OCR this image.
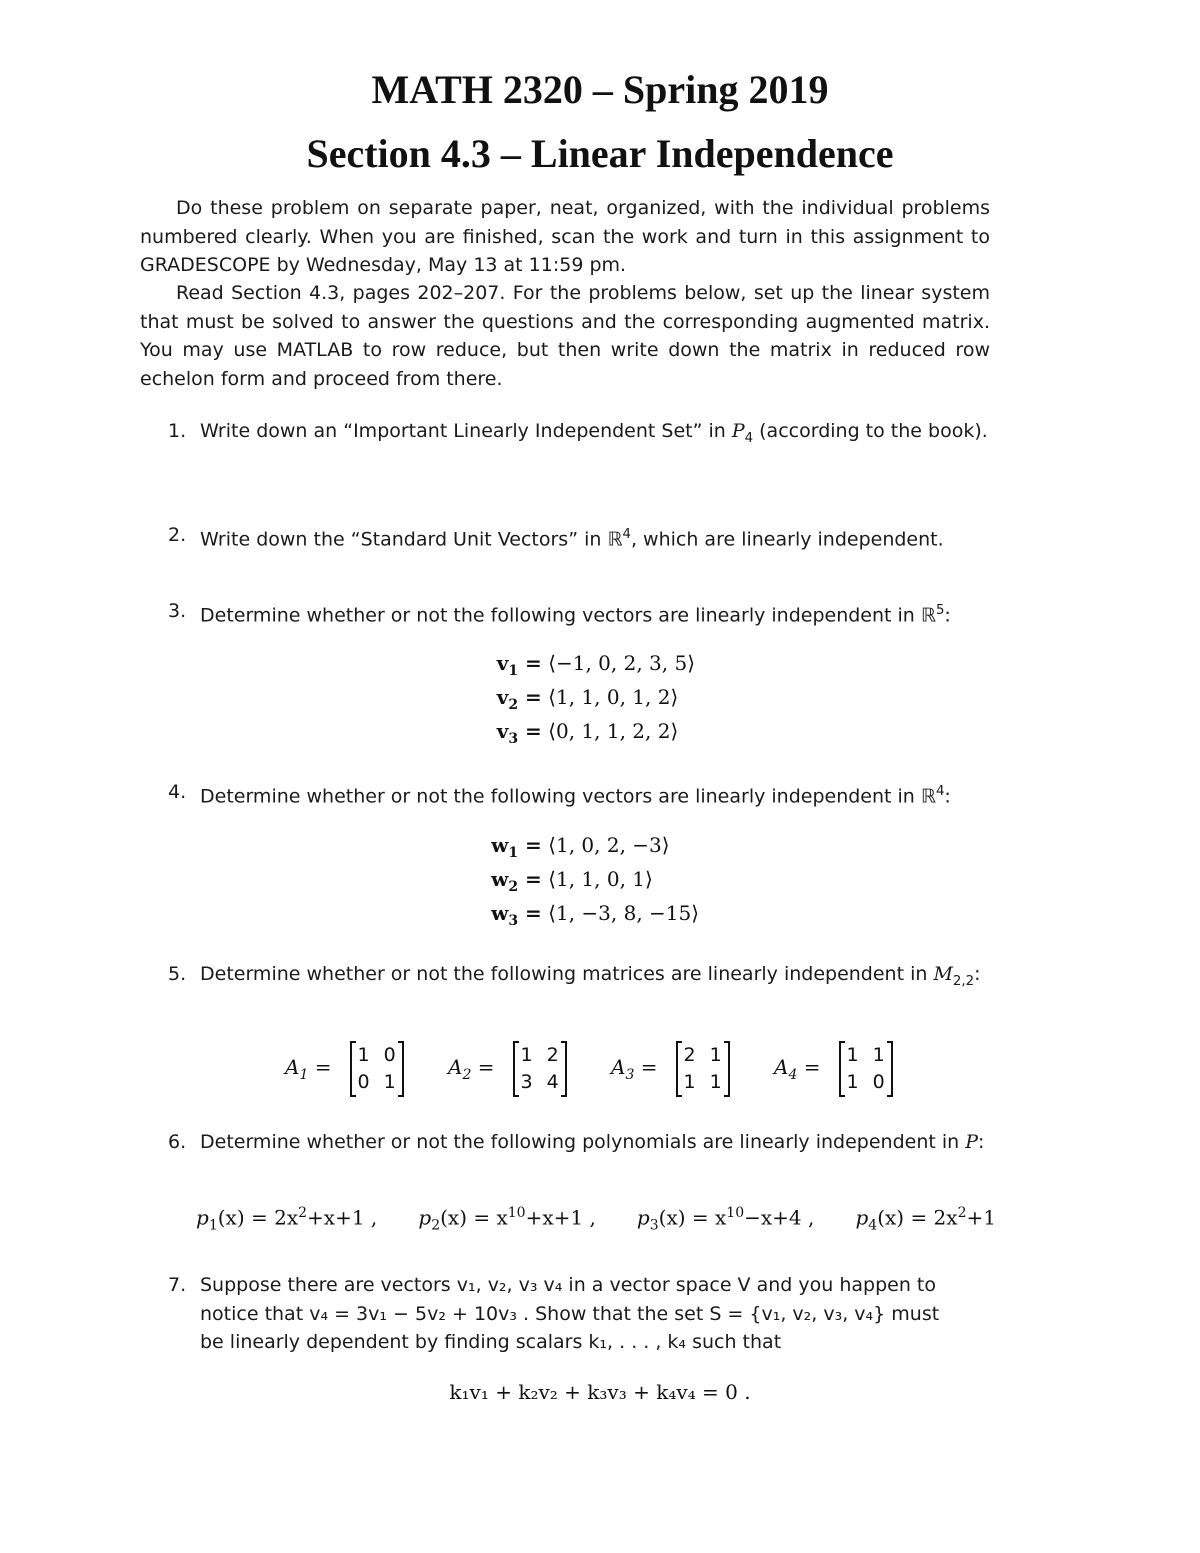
MATH 2320 – Spring 2019
Section 4.3 – Linear Independence

Do these problem on separate paper, neat, organized, with the individual problems numbered clearly. When you are finished, scan the work and turn in this assignment to GRADESCOPE by Wednesday, May 13 at 11:59 pm.

Read Section 4.3, pages 202–207. For the problems below, set up the linear system that must be solved to answer the questions and the corresponding augmented matrix. You may use MATLAB to row reduce, but then write down the matrix in reduced row echelon form and proceed from there.

1. Write down an “Important Linearly Independent Set” in $P_4$ (according to the book).
2. Write down the “Standard Unit Vectors” in ℝ$^4$, which are linearly independent.
3. Determine whether or not the following vectors are linearly independent in ℝ$^5$:
$v_1$ = ⟨−1, 0, 2, 3, 5⟩
$v_2$ = ⟨1, 1, 0, 1, 2⟩
$v_3$ = ⟨0, 1, 1, 2, 2⟩
4. Determine whether or not the following vectors are linearly independent in ℝ$^4$:
$w_1$ = ⟨1, 0, 2, −3⟩
$w_2$ = ⟨1, 1, 0, 1⟩
$w_3$ = ⟨1, −3, 8, −15⟩
5. Determine whether or not the following matrices are linearly independent in $M_{2,2}$:
$A_1 = 1$ 0
0 1
$A_2 = 1$ 2
3 4
$A_3 = 2$ 1
1 1
$A_4 = 1$ 1
1 0
6. Determine whether or not the following polynomials are linearly independent in P:
$p_1(x) = 2x^2+x+1$ , $p_2(x) = x^{10}+x+1$ , $p_3(x) = x^{10}-x+4$ , $p_4(x) = 2x^2+1$
7. Suppose there are vectors v₁, v₂, v₃ v₄ in a vector space V and you happen to
notice that v₄ = 3v₁ − 5v₂ + 10v₃ . Show that the set S = {v₁, v₂, v₃, v₄} must
be linearly dependent by finding scalars k₁, . . . , k₄ such that
k₁v₁ + k₂v₂ + k₃v₃ + k₄v₄ = 0 .
